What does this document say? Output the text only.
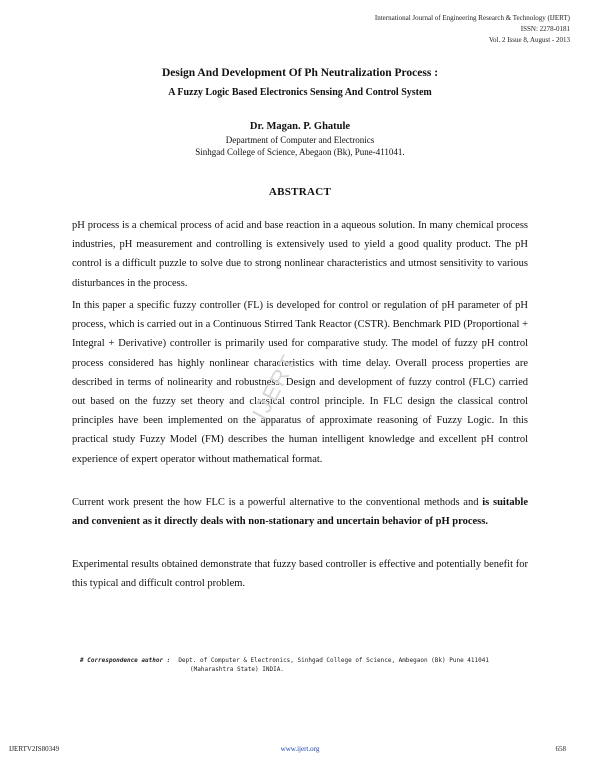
International Journal of Engineering Research & Technology (IJERT)
ISSN: 2278-0181
Vol. 2 Issue 8, August - 2013
Design And Development Of Ph Neutralization Process :
A Fuzzy Logic Based Electronics Sensing And Control System
Dr. Magan. P. Ghatule
Department of Computer and Electronics
Sinhgad College of Science, Abegaon (Bk), Pune-411041.
ABSTRACT
pH process is a chemical process of acid and base reaction in a aqueous solution. In many chemical process industries, pH measurement and controlling is extensively used to yield a good quality product. The pH control is a difficult puzzle to solve due to strong nonlinear characteristics and utmost sensitivity to various disturbances in the process.
In this paper a specific fuzzy controller (FL) is developed for control or regulation of pH parameter of pH process, which is carried out in a Continuous Stirred Tank Reactor (CSTR). Benchmark PID (Proportional + Integral + Derivative) controller is primarily used for comparative study. The model of fuzzy pH control process considered has highly nonlinear characteristics with time delay. Overall process properties are described in terms of nolinearity and robustness. Design and development of fuzzy control (FLC) carried out based on the fuzzy set theory and classical control principle. In FLC design the classical control principles have been implemented on the apparatus of approximate reasoning of Fuzzy Logic. In this practical study Fuzzy Model (FM) describes the human intelligent knowledge and excellent pH control experience of expert operator without mathematical format.
Current work present the how FLC is a powerful alternative to the conventional methods and is suitable and convenient as it directly deals with non-stationary and uncertain behavior of pH process.
Experimental results obtained demonstrate that fuzzy based controller is effective and potentially benefit for this typical and difficult control problem.
IJERT
# Correspondence author : Dept. of Computer & Electronics, Sinhgad College of Science, Ambegaon (Bk) Pune 411041
(Maharashtra State) INDIA.
IJERTV2IS80349	www.ijert.org	658
